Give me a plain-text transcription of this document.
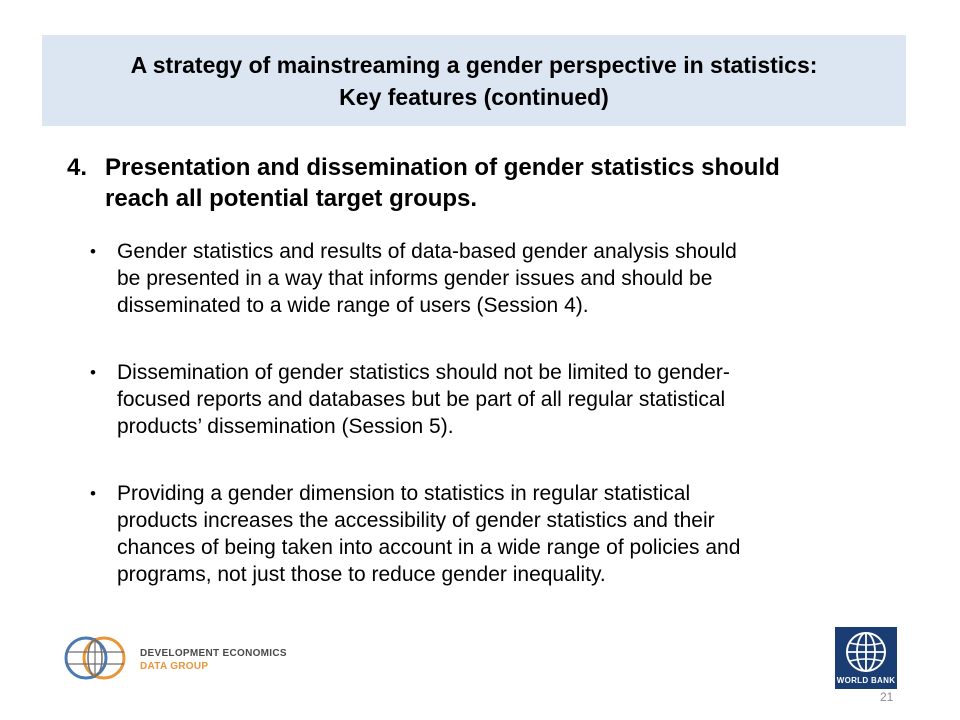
A strategy of mainstreaming a gender perspective in statistics:
Key features (continued)
4. Presentation and dissemination of gender statistics should
reach all potential target groups.
• Gender statistics and results of data-based gender analysis should
be presented in a way that informs gender issues and should be
disseminated to a wide range of users (Session 4).
• Dissemination of gender statistics should not be limited to gender-
focused reports and databases but be part of all regular statistical
products’ dissemination (Session 5).
• Providing a gender dimension to statistics in regular statistical
products increases the accessibility of gender statistics and their
chances of being taken into account in a wide range of policies and
programs, not just those to reduce gender inequality.
DEVELOPMENT ECONOMICS
DATA GROUP
WORLD BANK
21
